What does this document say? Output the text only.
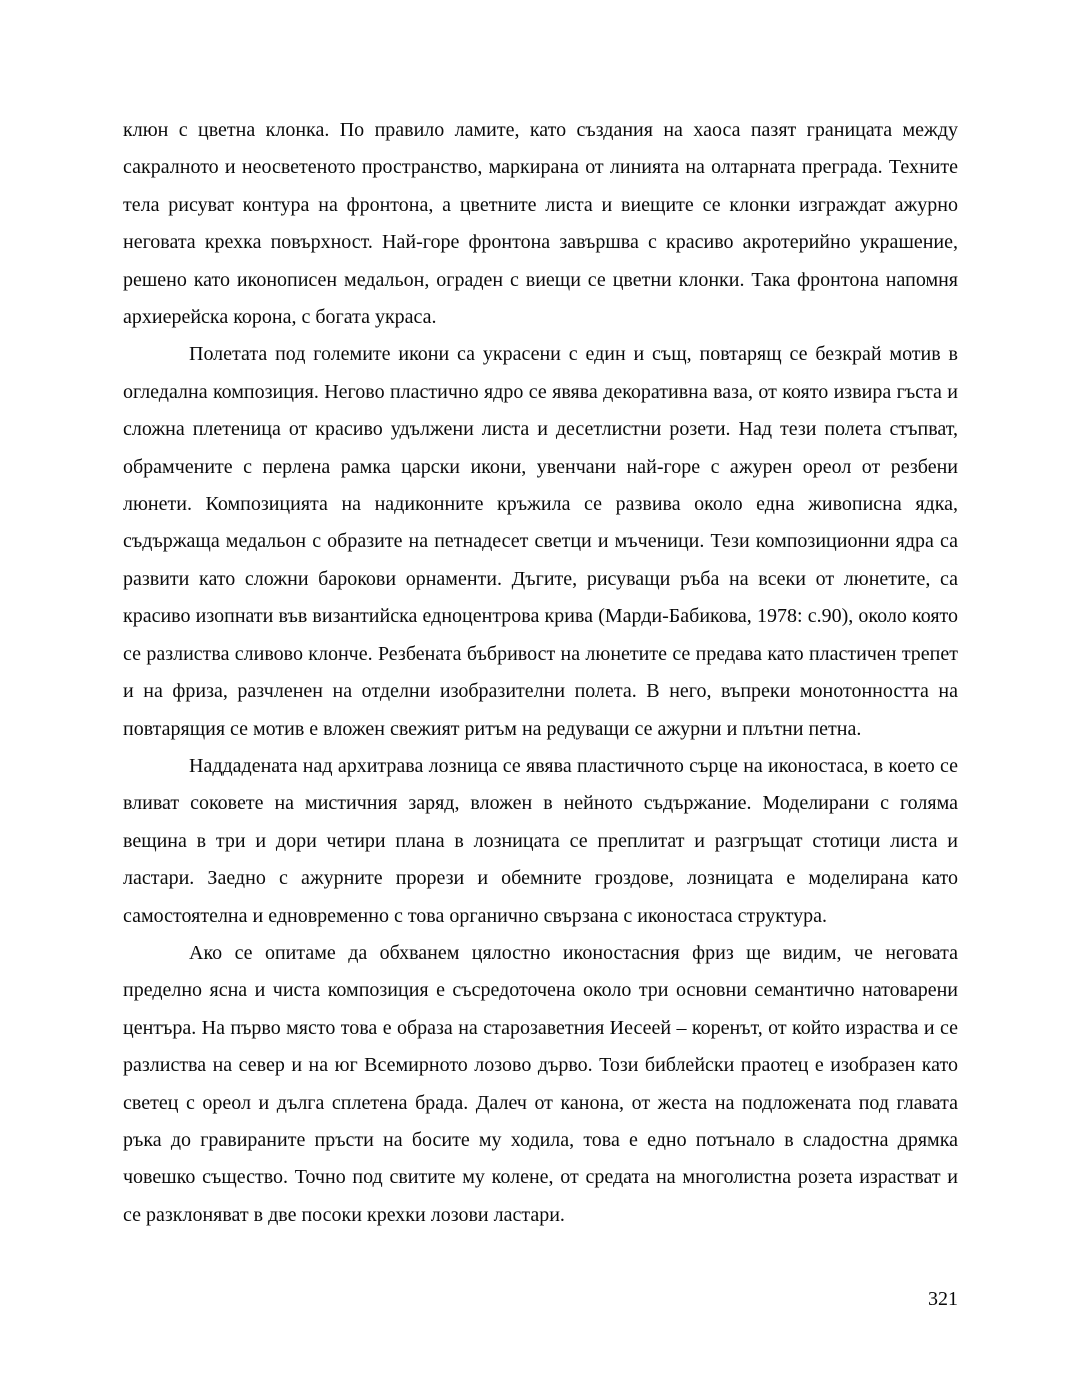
клюн с цветна клонка. По правило ламите, като създания на хаоса пазят границата между сакралното и неосветеното пространство, маркирана от линията на олтарната преграда. Техните тела рисуват контура на фронтона, а цветните листа и виещите се клонки изграждат ажурно неговата крехка повърхност. Най-горе фронтона завършва с красиво акротерийно украшение, решено като иконописен медальон, ограден с виещи се цветни клонки. Така фронтона напомня архиерейска корона, с богата украса.

Полетата под големите икони са украсени с един и същ, повтарящ се безкрай мотив в огледална композиция. Негово пластично ядро се явява декоративна ваза, от която извира гъста и сложна плетеница от красиво удължени листа и десетлистни розети. Над тези полета стъпват, обрамчените с перлена рамка царски икони, увенчани най-горе с ажурен ореол от резбени люнети. Композицията на надиконните кръжила се развива около една живописна ядка, съдържаща медальон с образите на петнадесет светци и мъченици. Тези композиционни ядра са развити като сложни барокови орнаменти. Дъгите, рисуващи ръба на всеки от люнетите, са красиво изопнати във византийска едноцентрова крива (Марди-Бабикова, 1978: с.90), около която се разлиства сливово клонче. Резбената бъбривост на люнетите се предава като пластичен трепет и на фриза, разчленен на отделни изобразителни полета. В него, въпреки монотонността на повтарящия се мотив е вложен свежият ритъм на редуващи се ажурни и плътни петна.

Наддадената над архитрава лозница се явява пластичното сърце на иконостаса, в което се вливат соковете на мистичния заряд, вложен в нейното съдържание. Моделирани с голяма вещина в три и дори четири плана в лозницата се преплитат и разгръщат стотици листа и ластари. Заедно с ажурните прорези и обемните гроздове, лозницата е моделирана като самостоятелна и едновременно с това органично свързана с иконостаса структура.

Ако се опитаме да обхванем цялостно иконостасния фриз ще видим, че неговата пределно ясна и чиста композиция е съсредоточена около три основни семантично натоварени центъра. На първо място това е образа на старозаветния Иесеей – коренът, от който израства и се разлиства на север и на юг Всемирното лозово дърво. Този библейски праотец е изобразен като светец с ореол и дълга сплетена брада. Далеч от канона, от жеста на подложената под главата ръка до гравираните пръсти на босите му ходила, това е едно потънало в сладостна дрямка човешко същество. Точно под свитите му колене, от средата на многолистна розета израстват и се разклоняват в две посоки крехки лозови ластари.

321
